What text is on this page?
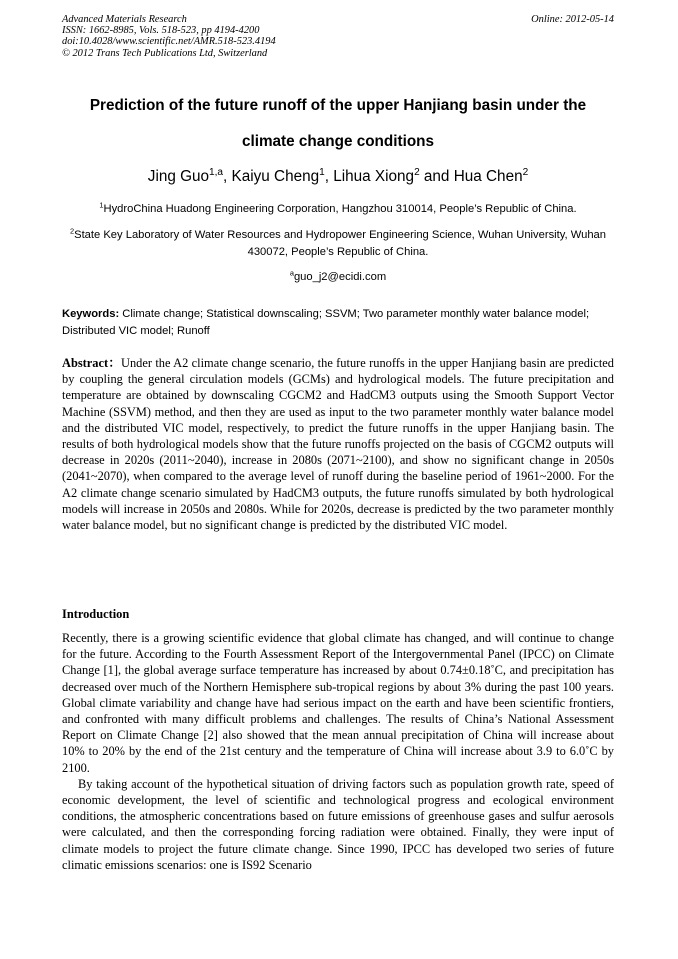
Advanced Materials Research
ISSN: 1662-8985, Vols. 518-523, pp 4194-4200
doi:10.4028/www.scientific.net/AMR.518-523.4194
© 2012 Trans Tech Publications Ltd, Switzerland
Online: 2012-05-14
Prediction of the future runoff of the upper Hanjiang basin under the
climate change conditions
Jing Guo$^{1,a}$, Kaiyu Cheng$^1$, Lihua Xiong$^2$ and Hua Chen$^2$
$^1$HydroChina Huadong Engineering Corporation, Hangzhou 310014, People’s Republic of China.
$^2$State Key Laboratory of Water Resources and Hydropower Engineering Science, Wuhan University, Wuhan 430072, People’s Republic of China.
$^a$guo_j2@ecidi.com
Keywords: Climate change; Statistical downscaling; SSVM; Two parameter monthly water balance model; Distributed VIC model; Runoff
Abstract：Under the A2 climate change scenario, the future runoffs in the upper Hanjiang basin are predicted by coupling the general circulation models (GCMs) and hydrological models. The future precipitation and temperature are obtained by downscaling CGCM2 and HadCM3 outputs using the Smooth Support Vector Machine (SSVM) method, and then they are used as input to the two parameter monthly water balance model and the distributed VIC model, respectively, to predict the future runoffs in the upper Hanjiang basin. The results of both hydrological models show that the future runoffs projected on the basis of CGCM2 outputs will decrease in 2020s (2011~2040), increase in 2080s (2071~2100), and show no significant change in 2050s (2041~2070), when compared to the average level of runoff during the baseline period of 1961~2000. For the A2 climate change scenario simulated by HadCM3 outputs, the future runoffs simulated by both hydrological models will increase in 2050s and 2080s. While for 2020s, decrease is predicted by the two parameter monthly water balance model, but no significant change is predicted by the distributed VIC model.
Introduction

Recently, there is a growing scientific evidence that global climate has changed, and will continue to change for the future. According to the Fourth Assessment Report of the Intergovernmental Panel (IPCC) on Climate Change [1], the global average surface temperature has increased by about 0.74±0.18˚C, and precipitation has decreased over much of the Northern Hemisphere sub-tropical regions by about 3% during the past 100 years. Global climate variability and change have had serious impact on the earth and have been scientific frontiers, and confronted with many difficult problems and challenges. The results of China’s National Assessment Report on Climate Change [2] also showed that the mean annual precipitation of China will increase about 10% to 20% by the end of the 21st century and the temperature of China will increase about 3.9 to 6.0˚C by 2100.

By taking account of the hypothetical situation of driving factors such as population growth rate, speed of economic development, the level of scientific and technological progress and ecological environment conditions, the atmospheric concentrations based on future emissions of greenhouse gases and sulfur aerosols were calculated, and then the corresponding forcing radiation were obtained. Finally, they were input of climate models to project the future climate change. Since 1990, IPCC has developed two series of future climatic emissions scenarios: one is IS92 Scenario
